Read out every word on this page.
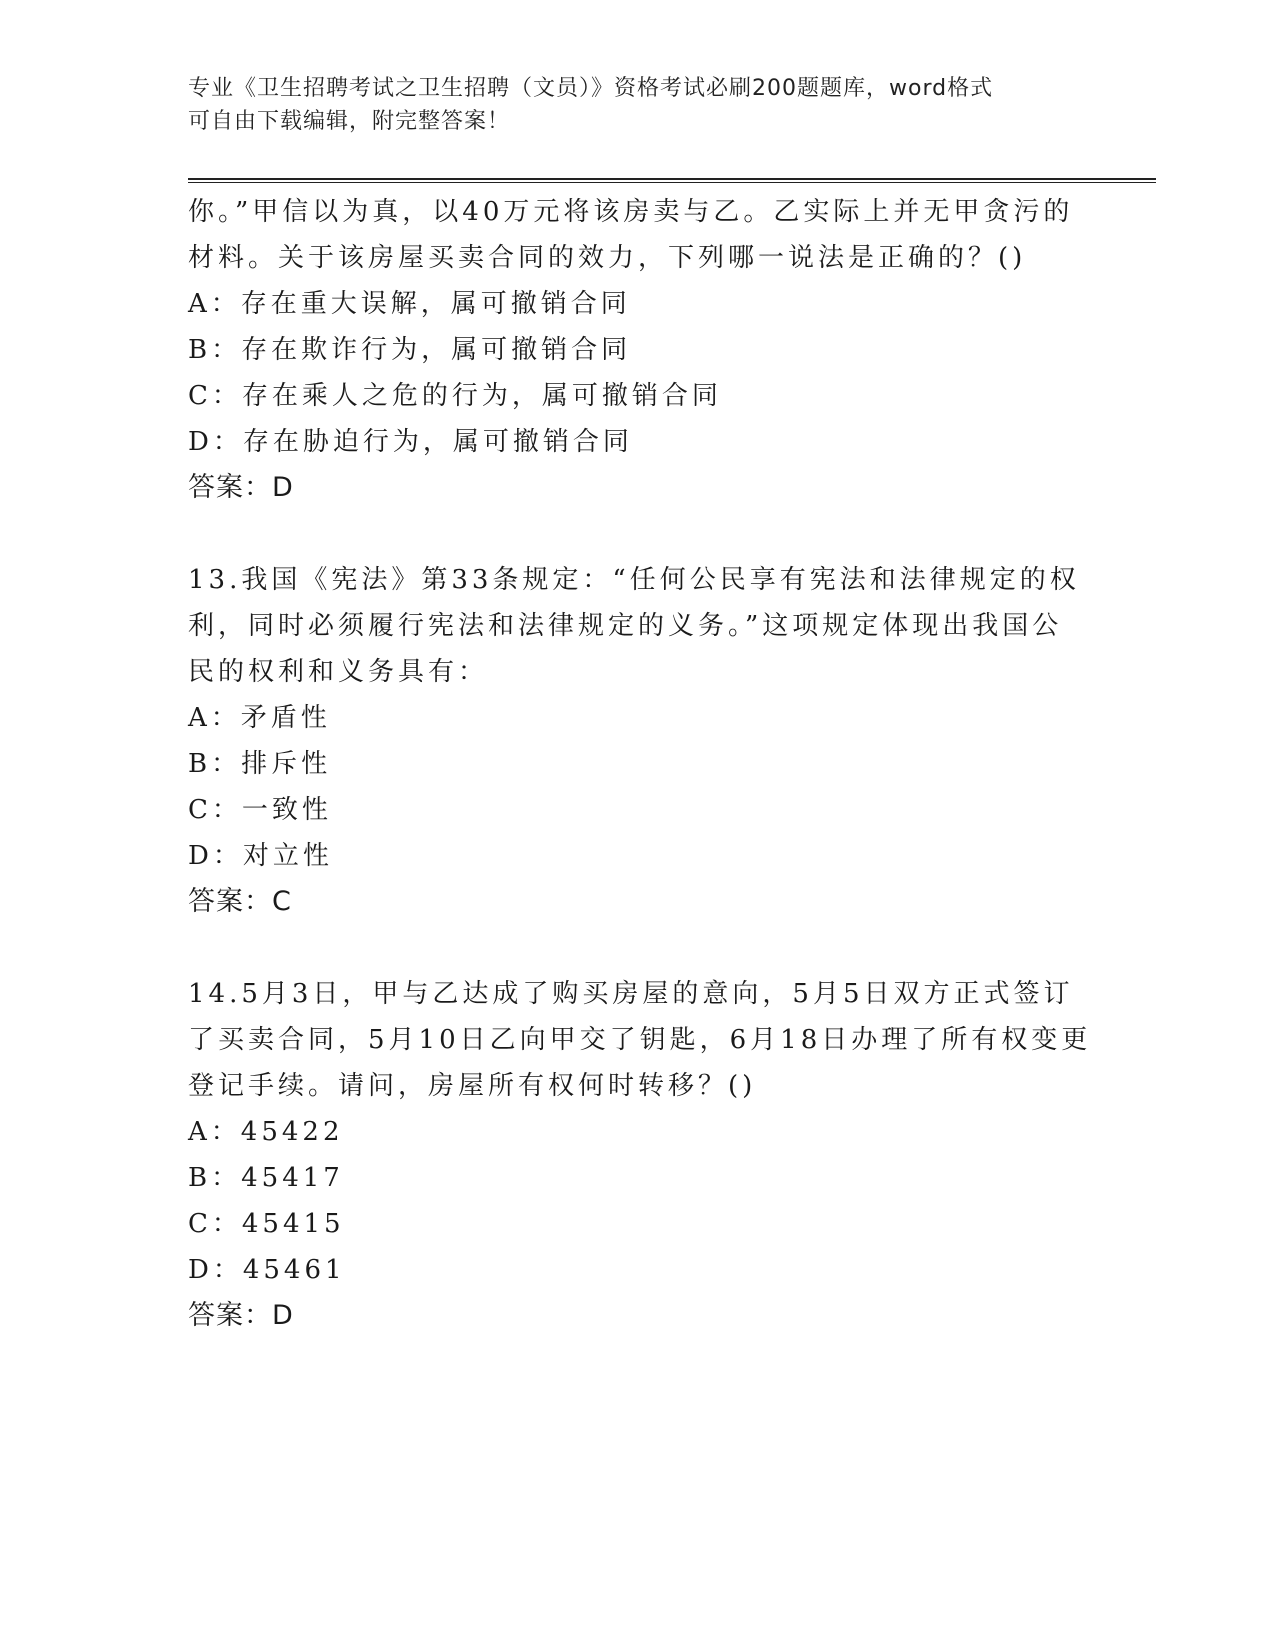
专业《卫生招聘考试之卫生招聘（文员）》资格考试必刷200题题库，word格式
可自由下载编辑，附完整答案！
你。”甲信以为真，以40万元将该房卖与乙。乙实际上并无甲贪污的
材料。关于该房屋买卖合同的效力，下列哪一说法是正确的？()
A：存在重大误解，属可撤销合同
B：存在欺诈行为，属可撤销合同
C：存在乘人之危的行为，属可撤销合同
D：存在胁迫行为，属可撤销合同
答案：D
13.我国《宪法》第33条规定：“任何公民享有宪法和法律规定的权
利，同时必须履行宪法和法律规定的义务。”这项规定体现出我国公
民的权利和义务具有：
A：矛盾性
B：排斥性
C：一致性
D：对立性
答案：C
14.5月3日，甲与乙达成了购买房屋的意向，5月5日双方正式签订
了买卖合同，5月10日乙向甲交了钥匙，6月18日办理了所有权变更
登记手续。请问，房屋所有权何时转移？()
A：45422
B：45417
C：45415
D：45461
答案：D
